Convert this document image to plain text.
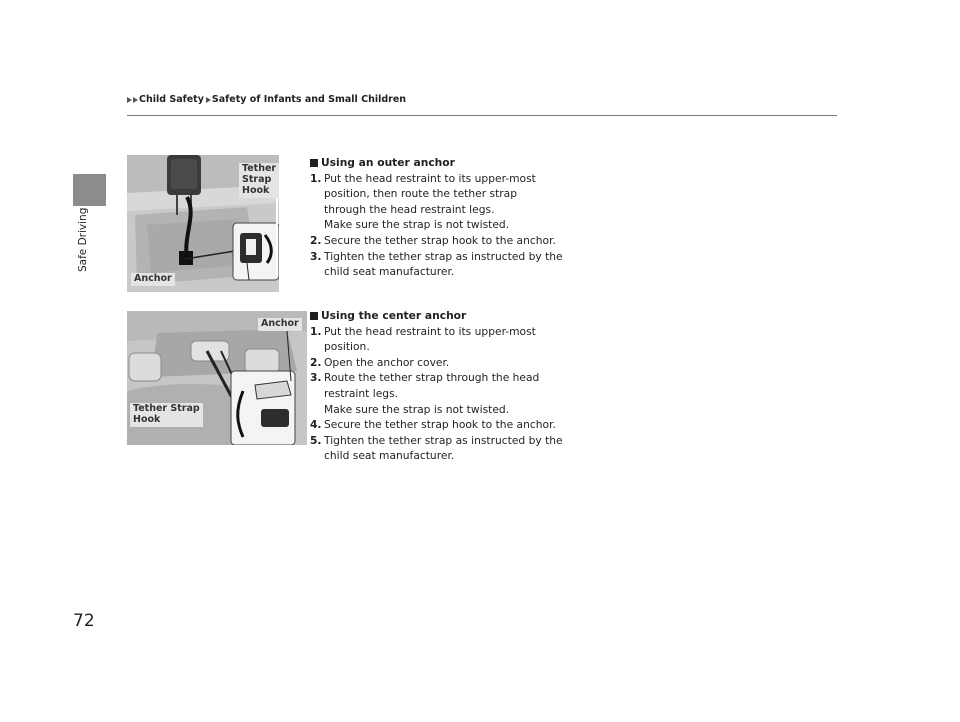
Child Safety Safety of Infants and Small Children
Safe Driving
Tether
Strap
Hook
Anchor
Anchor
Tether Strap
Hook
Using an outer anchor
1. Put the head restraint to its upper-most
position, then route the tether strap
through the head restraint legs.
Make sure the strap is not twisted.
2. Secure the tether strap hook to the anchor.
3. Tighten the tether strap as instructed by the
child seat manufacturer.
Using the center anchor
1. Put the head restraint to its upper-most
position.
2. Open the anchor cover.
3. Route the tether strap through the head
restraint legs.
Make sure the strap is not twisted.
4. Secure the tether strap hook to the anchor.
5. Tighten the tether strap as instructed by the
child seat manufacturer.
72
